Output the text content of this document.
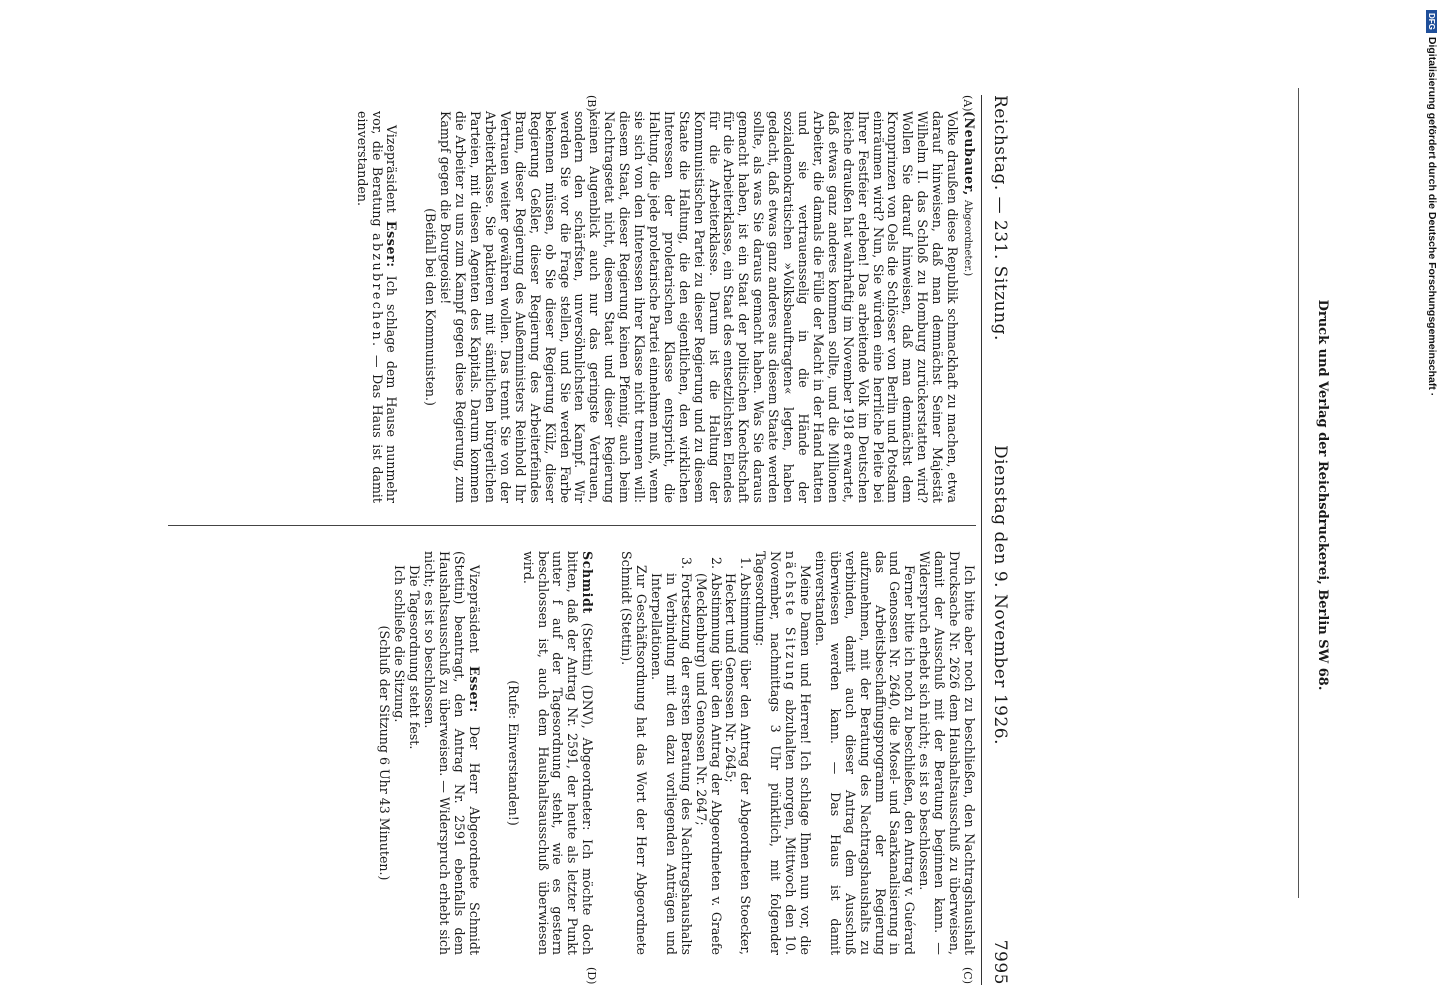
Reichstag. — 231. Sitzung.
Dienstag den 9. November 1926.
7995
(A)
(B)
(C)
(D)

(Neubauer, Abgeordneter.)

Volke draußen diese Republik schmackhaft zu machen, etwa darauf hinweisen, daß man demnächst Seiner Majestät Wilhelm II. das Schloß zu Homburg zurückerstatten wird? Wollen Sie darauf hinweisen, daß man demnächst dem Kronprinzen von Oels die Schlösser von Berlin und Potsdam einräumen wird? Nun, Sie würden eine herrliche Pleite bei Ihrer Festfeier erleben! Das arbeitende Volk im Deutschen Reiche draußen hat wahrhaftig im November 1918 erwartet, daß etwas ganz anderes kommen sollte, und die Millionen Arbeiter, die damals die Fülle der Macht in der Hand hatten und sie vertrauensselig in die Hände der sozialdemokratischen »Volksbeauftragten« legten, haben gedacht, daß etwas ganz anderes aus diesem Staate werden sollte, als was Sie daraus gemacht haben. Was Sie daraus gemacht haben, ist ein Staat der politischen Knechtschaft für die Arbeiterklasse, ein Staat des entsetzlichsten Elendes für die Arbeiterklasse. Darum ist die Haltung der Kommunistischen Partei zu dieser Regierung und zu diesem Staate die Haltung, die den eigentlichen, den wirklichen Interessen der proletarischen Klasse entspricht, die Haltung, die jede proletarische Partei einnehmen muß, wenn sie sich von den Interessen ihrer Klasse nicht trennen will: diesem Staat, dieser Regierung keinen Pfennig, auch beim Nachtragsetat nicht, diesem Staat und dieser Regierung keinen Augenblick auch nur das geringste Vertrauen, sondern den schärfsten, unversöhnlichsten Kampf. Wir werden Sie vor die Frage stellen, und Sie werden Farbe bekennen müssen, ob Sie dieser Regierung Külz, dieser Regierung Geßler, dieser Regierung des Arbeiterfeindes Braun, dieser Regierung des Außenministers Reinhold Ihr Vertrauen weiter gewähren wollen. Das trennt Sie von der Arbeiterklasse. Sie paktieren mit sämtlichen bürgerlichen Parteien, mit diesen Agenten des Kapitals. Darum kommen die Arbeiter zu uns zum Kampf gegen diese Regierung, zum Kampf gegen die Bourgeoisie!

(Beifall bei den Kommunisten.)

Vizepräsident Esser: Ich schlage dem Hause nunmehr vor, die Beratung abzubrechen. — Das Haus ist damit einverstanden.

Ich bitte aber noch zu beschließen, den Nachtragshaushalt Drucksache Nr. 2626 dem Haushaltsausschuß zu überweisen, damit der Ausschuß mit der Beratung beginnen kann. — Widerspruch erhebt sich nicht; es ist so beschlossen.

Ferner bitte ich noch zu beschließen, den Antrag v. Guérard und Genossen Nr. 2640, die Mosel- und Saarkanalisierung in das Arbeitsbeschaffungsprogramm der Regierung aufzunehmen, mit der Beratung des Nachtragshaushalts zu verbinden, damit auch dieser Antrag dem Ausschuß überwiesen werden kann. — Das Haus ist damit einverstanden.

Meine Damen und Herren! Ich schlage Ihnen nun vor, die nächste Sitzung abzuhalten morgen, Mittwoch den 10. November, nachmittags 3 Uhr pünktlich, mit folgender Tagesordnung:

1. Abstimmung über den Antrag der Abgeordneten Stoecker, Heckert und Genossen Nr. 2645;
2. Abstimmung über den Antrag der Abgeordneten v. Graefe (Mecklenburg) und Genossen Nr. 2647;
3. Fortsetzung der ersten Beratung des Nachtragshaushalts in Verbindung mit den dazu vorliegenden Anträgen und Interpellationen.

Zur Geschäftsordnung hat das Wort der Herr Abgeordnete Schmidt (Stettin).

Schmidt (Stettin) (DNV), Abgeordneter: Ich möchte doch bitten, daß der Antrag Nr. 2591, der heute als letzter Punkt unter f auf der Tagesordnung steht, wie es gestern beschlossen ist, auch dem Haushaltsausschuß überwiesen wird.

(Rufe: Einverstanden!)

Vizepräsident Esser: Der Herr Abgeordnete Schmidt (Stettin) beantragt, den Antrag Nr. 2591 ebenfalls dem Haushaltsausschuß zu überweisen. — Widerspruch erhebt sich nicht; es ist so beschlossen.

Die Tagesordnung steht fest.

Ich schließe die Sitzung.

(Schluß der Sitzung 6 Uhr 43 Minuten.)

Druck und Verlag der Reichsdruckerei, Berlin SW 68.
DFGDigitalisierung gefördert durch die Deutsche Forschungsgemeinschaft ·
